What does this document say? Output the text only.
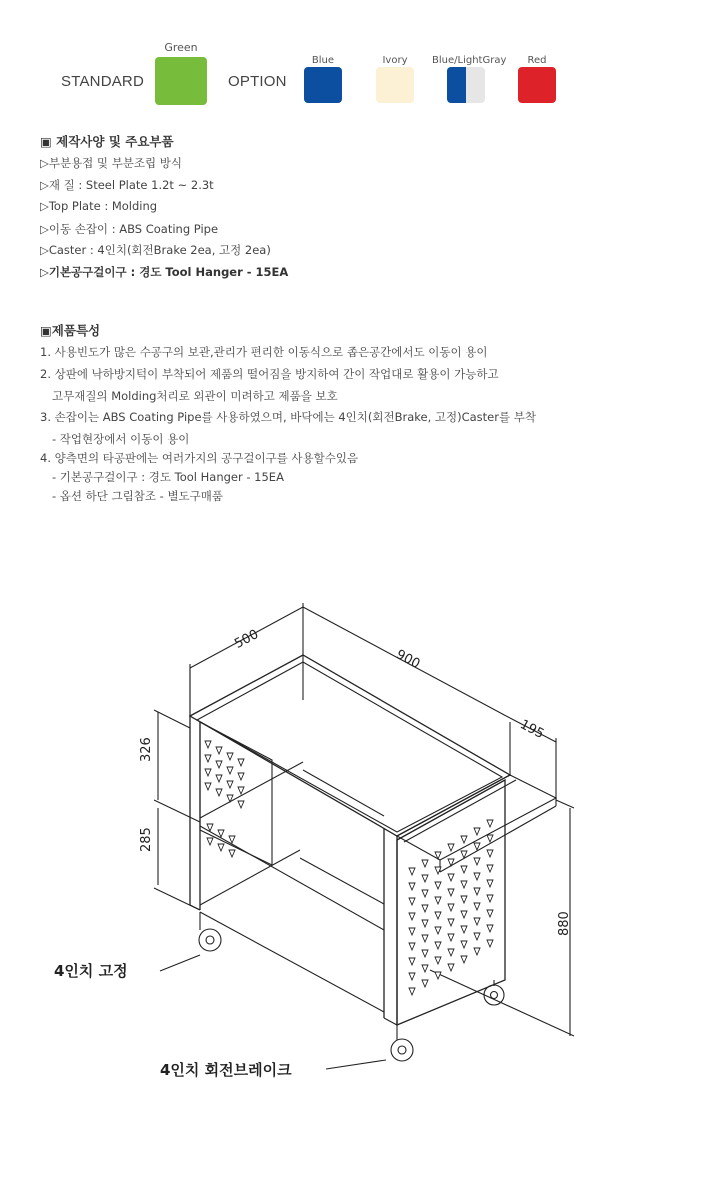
STANDARD
Green
OPTION
Blue	Ivory	Blue/LightGray	Red
▣ 제작사양 및 주요부품
▷부분용접 및 부분조립 방식
▷재 질 : Steel Plate 1.2t ~ 2.3t
▷Top Plate : Molding
▷이동 손잡이 : ABS Coating Pipe
▷Caster : 4인치(회전Brake 2ea, 고정 2ea)
▷기본공구걸이구 : 경도 Tool Hanger - 15EA
▣제품특성
1. 사용빈도가 많은 수공구의 보관,관리가 편리한 이동식으로 좁은공간에서도 이동이 용이
2. 상판에 낙하방지턱이 부착되어 제품의 떨어짐을 방지하여 간이 작업대로 활용이 가능하고
고무재질의 Molding처리로 외관이 미려하고 제품을 보호
3. 손잡이는 ABS Coating Pipe를 사용하였으며, 바닥에는 4인치(회전Brake, 고정)Caster를 부착
- 작업현장에서 이동이 용이
4. 양측면의 타공판에는 여러가지의 공구걸이구를 사용할수있음
- 기본공구걸이구 : 경도 Tool Hanger - 15EA
- 옵션 하단 그림참조 - 별도구매품
500
900
195
326
285
880
4인치 고정
4인치 회전브레이크
